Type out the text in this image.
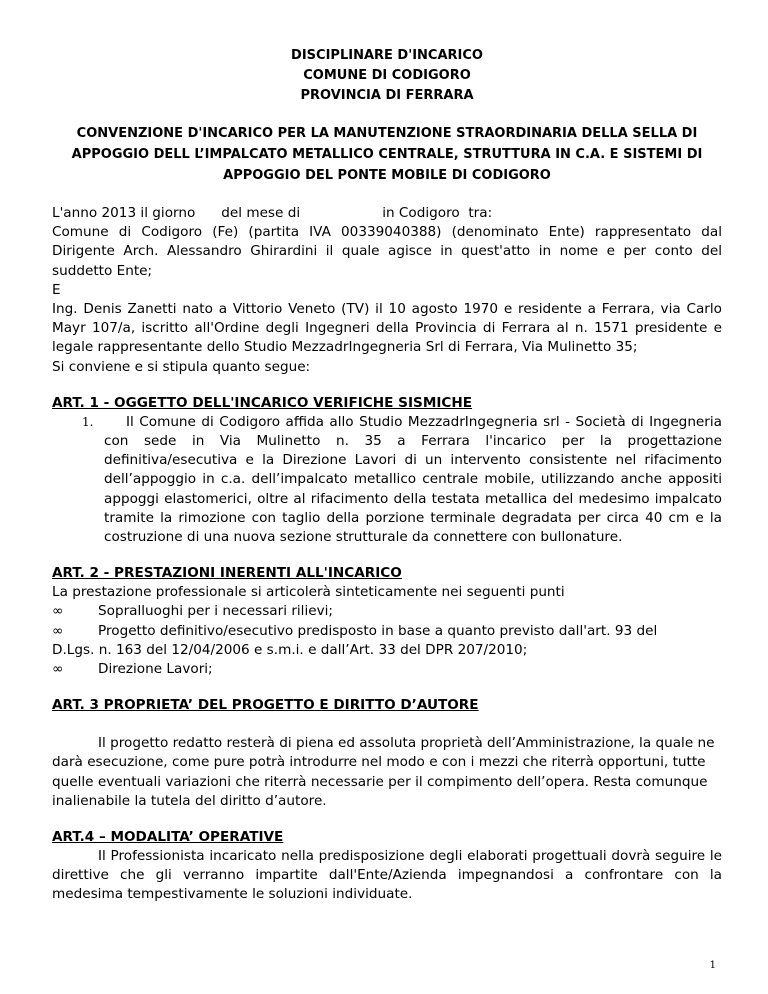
DISCIPLINARE D'INCARICO
COMUNE DI CODIGORO
PROVINCIA DI FERRARA
CONVENZIONE D'INCARICO PER LA MANUTENZIONE STRAORDINARIA DELLA SELLA DI APPOGGIO DELL L’IMPALCATO METALLICO CENTRALE, STRUTTURA IN C.A. E SISTEMI DI APPOGGIO DEL PONTE MOBILE DI CODIGORO
L'anno 2013 il giorno      del mese di                   in Codigoro  tra:
Comune di Codigoro (Fe) (partita IVA 00339040388) (denominato Ente) rappresentato dal Dirigente Arch. Alessandro Ghirardini il quale agisce in quest'atto in nome e per conto del suddetto Ente;
E
Ing. Denis Zanetti nato a Vittorio Veneto (TV) il 10 agosto 1970 e residente a Ferrara, via Carlo Mayr 107/a, iscritto all'Ordine degli Ingegneri della Provincia di Ferrara al n. 1571 presidente e legale rappresentante dello Studio MezzadrIngegneria Srl di Ferrara, Via Mulinetto 35;
Si conviene e si stipula quanto segue:
ART. 1 - OGGETTO DELL'INCARICO VERIFICHE SISMICHE
1.	Il Comune di Codigoro affida allo Studio MezzadrIngegneria srl - Società di Ingegneria con sede in Via Mulinetto n. 35 a Ferrara l'incarico per la progettazione definitiva/esecutiva e la Direzione Lavori di un intervento consistente nel rifacimento dell’appoggio in c.a. dell’impalcato metallico centrale mobile, utilizzando anche appositi appoggi elastomerici, oltre al rifacimento della testata metallica del medesimo impalcato tramite la rimozione con taglio della porzione terminale degradata per circa 40 cm e la costruzione di una nuova sezione strutturale da connettere con bullonature.
ART. 2 - PRESTAZIONI INERENTI ALL'INCARICO
La prestazione professionale si articolerà sinteticamente nei seguenti punti
∞	Sopralluoghi per i necessari rilievi;
∞	Progetto definitivo/esecutivo predisposto in base a quanto previsto dall'art. 93 del
D.Lgs. n. 163 del 12/04/2006 e s.m.i. e dall’Art. 33 del DPR 207/2010;
∞	Direzione Lavori;
ART. 3 PROPRIETA’ DEL PROGETTO E DIRITTO D’AUTORE
Il progetto redatto resterà di piena ed assoluta proprietà dell’Amministrazione, la quale ne darà esecuzione, come pure potrà introdurre nel modo e con i mezzi che riterrà opportuni, tutte quelle eventuali variazioni che riterrà necessarie per il compimento dell’opera. Resta comunque inalienabile la tutela del diritto d’autore.
ART.4 – MODALITA’ OPERATIVE
Il Professionista incaricato nella predisposizione degli elaborati progettuali dovrà seguire le direttive che gli verranno impartite dall'Ente/Azienda impegnandosi a confrontare con la medesima tempestivamente le soluzioni individuate.
1
